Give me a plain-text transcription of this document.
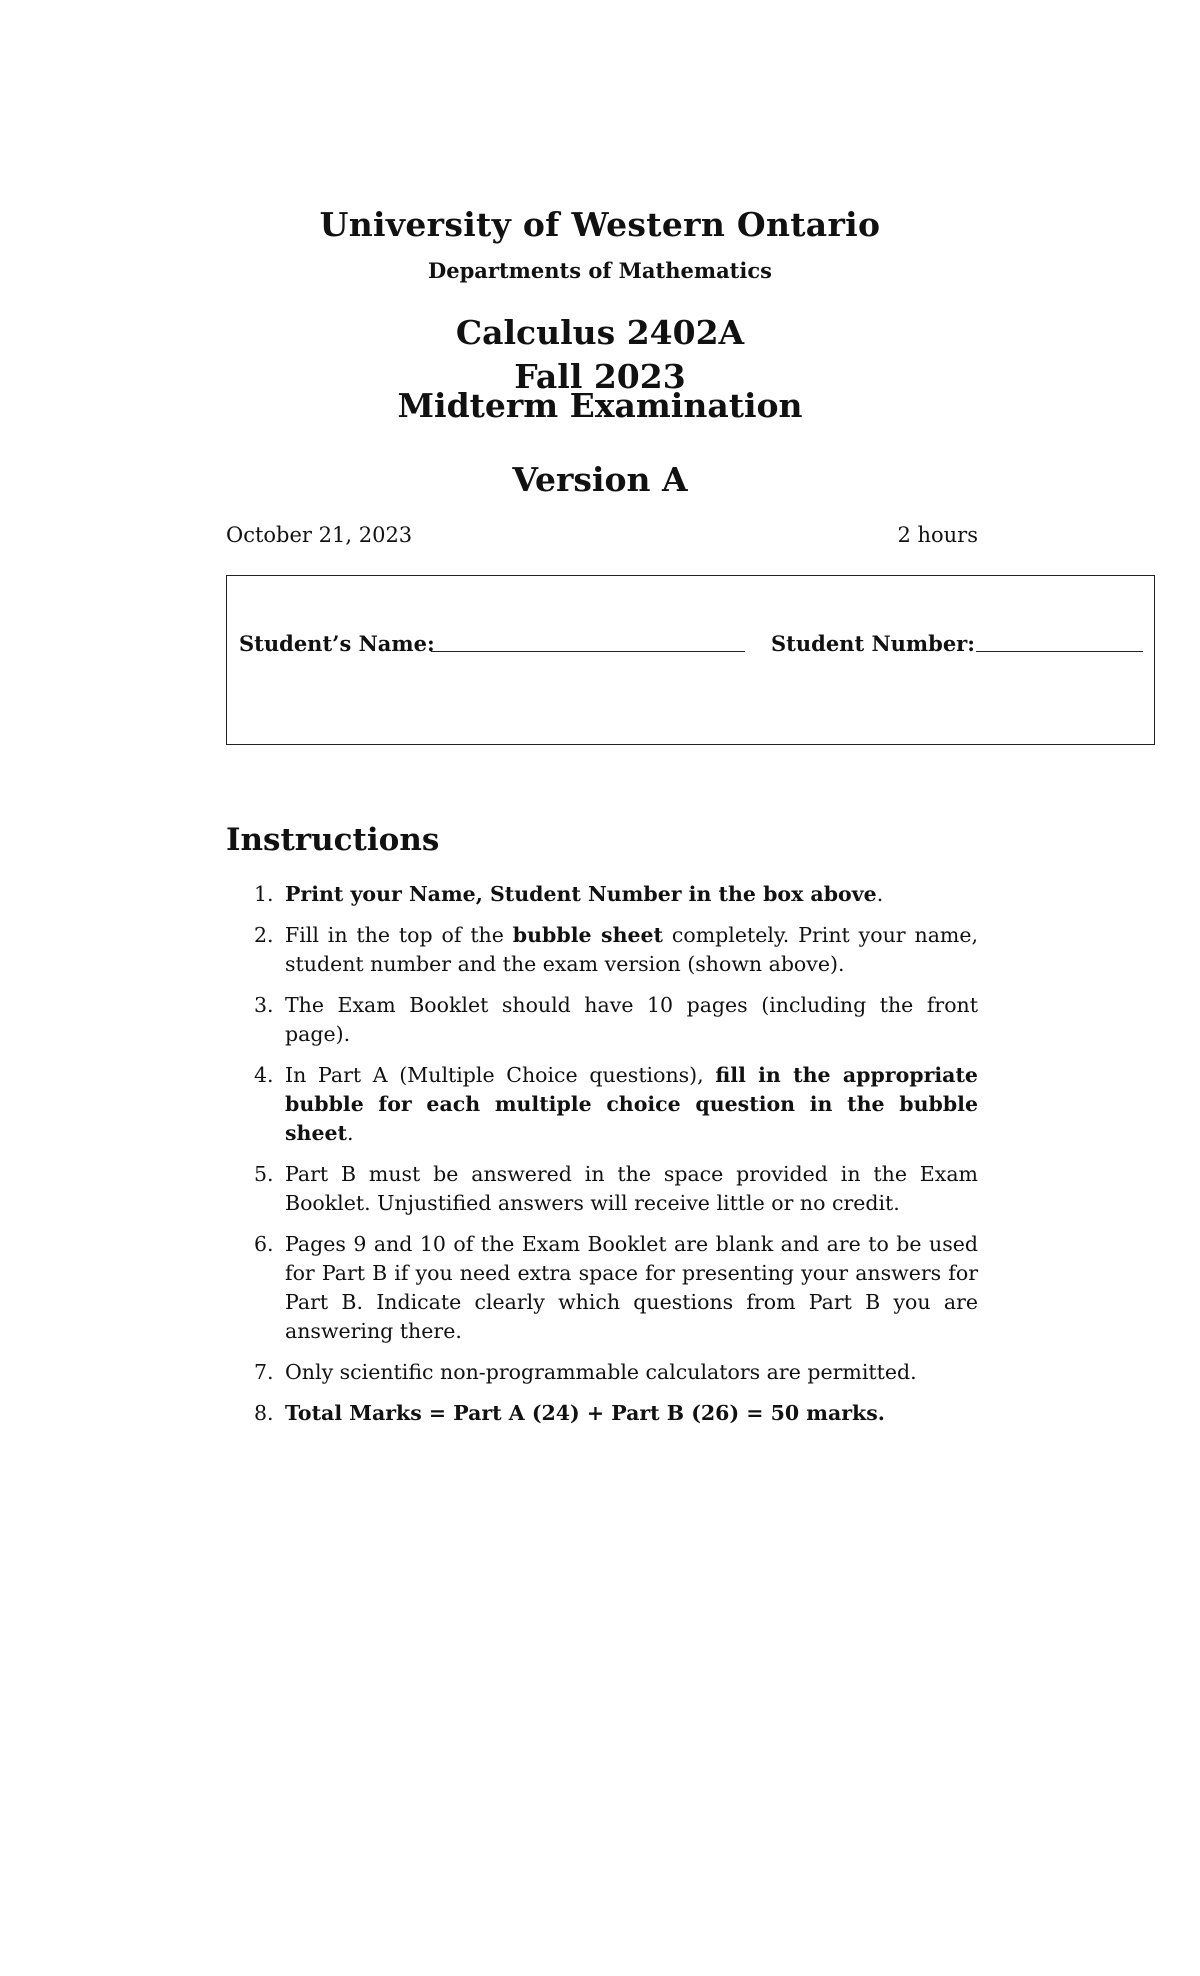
University of Western Ontario
Departments of Mathematics
Calculus 2402A
Fall 2023
Midterm Examination
Version A
October 21, 2023	2 hours
Student’s Name:	Student Number:
Instructions
1. Print your Name, Student Number in the box above.
2. Fill in the top of the bubble sheet completely. Print your name, student number and the exam version (shown above).
3. The Exam Booklet should have 10 pages (including the front page).
4. In Part A (Multiple Choice questions), fill in the appropriate bubble for each multiple choice question in the bubble sheet.
5. Part B must be answered in the space provided in the Exam Booklet. Unjustified answers will receive little or no credit.
6. Pages 9 and 10 of the Exam Booklet are blank and are to be used for Part B if you need extra space for presenting your answers for Part B. Indicate clearly which questions from Part B you are answering there.
7. Only scientific non-programmable calculators are permitted.
8. Total Marks = Part A (24) + Part B (26) = 50 marks.
